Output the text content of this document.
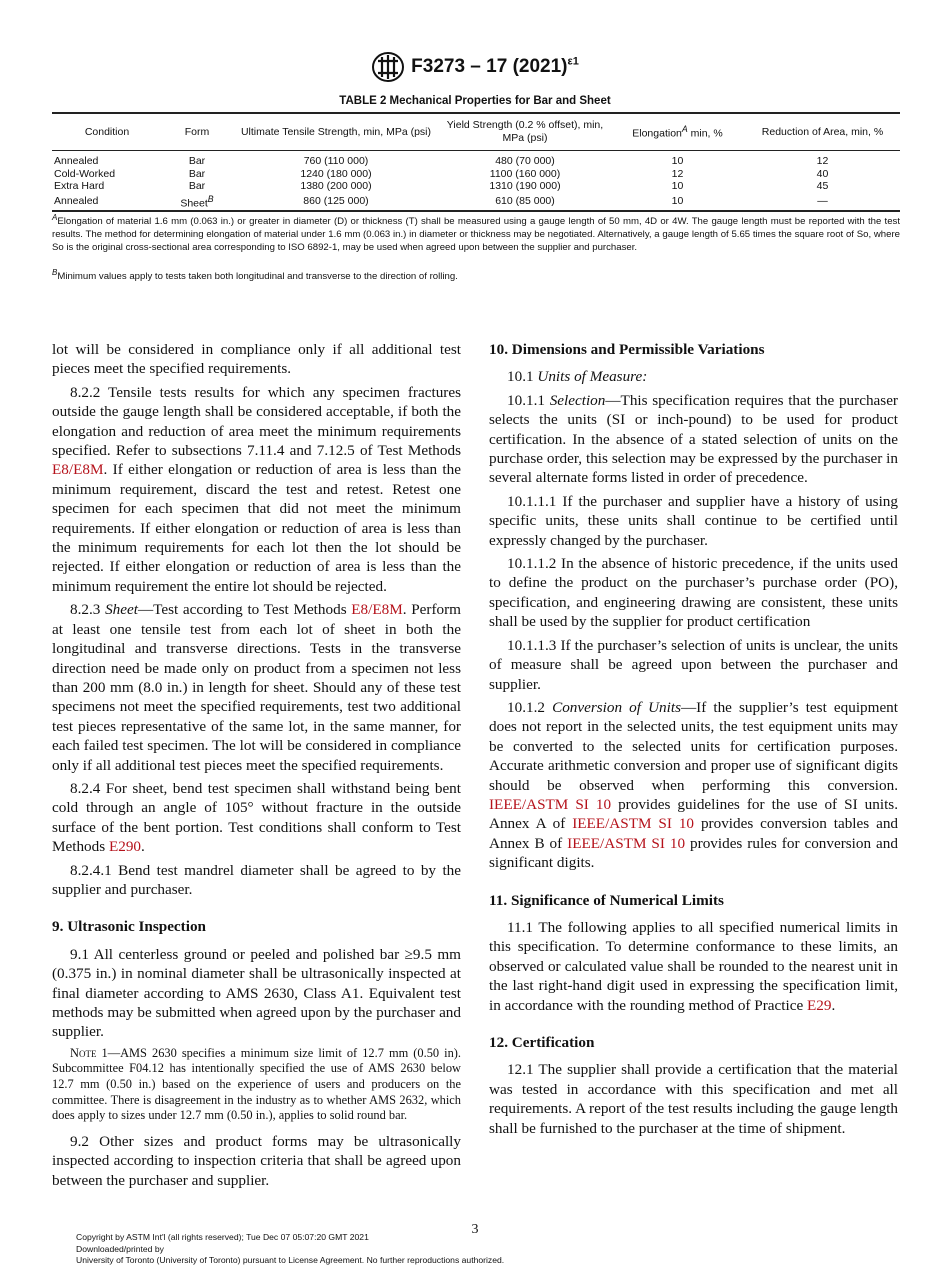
F3273 – 17 $(2021)^{\varepsilon 1}$
TABLE 2 Mechanical Properties for Bar and Sheet
Condition	Form	Ultimate Tensile Strength, min, MPa (psi)	Yield Strength (0.2 % offset), min, MPa (psi)	Elongation$^A$ min, %	Reduction of Area, min, %
Annealed	Bar	760 (110 000)	480 (70 000)	10	12
Cold-Worked	Bar	1240 (180 000)	1100 (160 000)	12	40
Extra Hard	Bar	1380 (200 000)	1310 (190 000)	10	45
Annealed	Sheet$^B$	860 (125 000)	610 (85 000)	10	—
$^A$Elongation of material 1.6 mm (0.063 in.) or greater in diameter (D) or thickness (T) shall be measured using a gauge length of 50 mm, 4D or 4W. The gauge length must be reported with the test results. The method for determining elongation of material under 1.6 mm (0.063 in.) in diameter or thickness may be negotiated. Alternatively, a gauge length of 5.65 times the square root of So, where So is the original cross-sectional area corresponding to ISO 6892-1, may be used when agreed upon between the supplier and purchaser.
$^B$Minimum values apply to tests taken both longitudinal and transverse to the direction of rolling.

lot will be considered in compliance only if all additional test pieces meet the specified requirements.

8.2.2 Tensile tests results for which any specimen fractures outside the gauge length shall be considered acceptable, if both the elongation and reduction of area meet the minimum requirements specified. Refer to subsections 7.11.4 and 7.12.5 of Test Methods E8/E8M. If either elongation or reduction of area is less than the minimum requirement, discard the test and retest. Retest one specimen for each specimen that did not meet the minimum requirements. If either elongation or reduction of area is less than the minimum requirements for each lot then the lot should be rejected. If either elongation or reduction of area is less than the minimum requirement the entire lot should be rejected.

8.2.3 Sheet—Test according to Test Methods E8/E8M. Perform at least one tensile test from each lot of sheet in both the longitudinal and transverse directions. Tests in the transverse direction need be made only on product from a specimen not less than 200 mm (8.0 in.) in length for sheet. Should any of these test specimens not meet the specified requirements, test two additional test pieces representative of the same lot, in the same manner, for each failed test specimen. The lot will be considered in compliance only if all additional test pieces meet the specified requirements.

8.2.4 For sheet, bend test specimen shall withstand being bent cold through an angle of 105° without fracture in the outside surface of the bent portion. Test conditions shall conform to Test Methods E290.

8.2.4.1 Bend test mandrel diameter shall be agreed to by the supplier and purchaser.

9. Ultrasonic Inspection

9.1 All centerless ground or peeled and polished bar ≥9.5 mm (0.375 in.) in nominal diameter shall be ultrasonically inspected at final diameter according to AMS 2630, Class A1. Equivalent test methods may be submitted when agreed upon by the purchaser and supplier.

Note 1—AMS 2630 specifies a minimum size limit of 12.7 mm (0.50 in). Subcommittee F04.12 has intentionally specified the use of AMS 2630 below 12.7 mm (0.50 in.) based on the experience of users and producers on the committee. There is disagreement in the industry as to whether AMS 2632, which does apply to sizes under 12.7 mm (0.50 in.), applies to solid round bar.

9.2 Other sizes and product forms may be ultrasonically inspected according to inspection criteria that shall be agreed upon between the purchaser and supplier.

10. Dimensions and Permissible Variations

10.1 Units of Measure:

10.1.1 Selection—This specification requires that the purchaser selects the units (SI or inch-pound) to be used for product certification. In the absence of a stated selection of units on the purchase order, this selection may be expressed by the purchaser in several alternate forms listed in order of precedence.

10.1.1.1 If the purchaser and supplier have a history of using specific units, these units shall continue to be certified until expressly changed by the purchaser.

10.1.1.2 In the absence of historic precedence, if the units used to define the product on the purchaser’s purchase order (PO), specification, and engineering drawing are consistent, these units shall be used by the supplier for product certification

10.1.1.3 If the purchaser’s selection of units is unclear, the units of measure shall be agreed upon between the purchaser and supplier.

10.1.2 Conversion of Units—If the supplier’s test equipment does not report in the selected units, the test equipment units may be converted to the selected units for certification purposes. Accurate arithmetic conversion and proper use of significant digits should be observed when performing this conversion. IEEE/ASTM SI 10 provides guidelines for the use of SI units. Annex A of IEEE/ASTM SI 10 provides conversion tables and Annex B of IEEE/ASTM SI 10 provides rules for conversion and significant digits.

11. Significance of Numerical Limits

11.1 The following applies to all specified numerical limits in this specification. To determine conformance to these limits, an observed or calculated value shall be rounded to the nearest unit in the last right-hand digit used in expressing the specification limit, in accordance with the rounding method of Practice E29.

12. Certification

12.1 The supplier shall provide a certification that the material was tested in accordance with this specification and met all requirements. A report of the test results including the gauge length shall be furnished to the purchaser at the time of shipment.

3
Copyright by ASTM Int'l (all rights reserved); Tue Dec 07 05:07:20 GMT 2021
Downloaded/printed by
University of Toronto (University of Toronto) pursuant to License Agreement. No further reproductions authorized.
